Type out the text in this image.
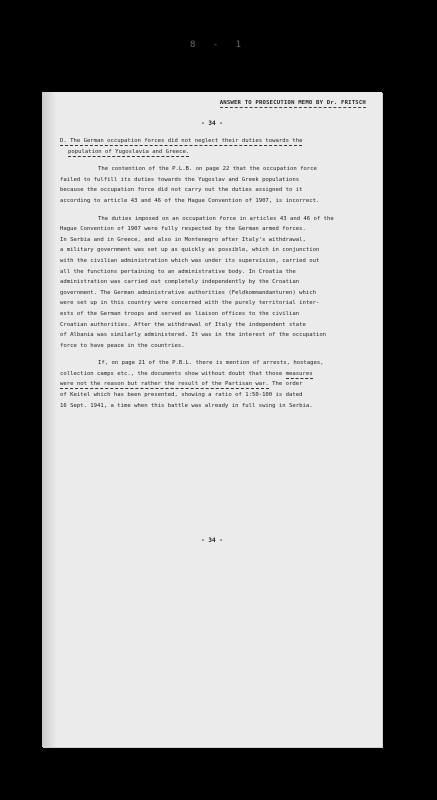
8 - 1
ANSWER TO PROSECUTION MEMO BY Dr. FRITSCH
- 34 -
D. The German occupation forces did not neglect their duties towards the
population of Yugoslavia and Greece.
The contention of the P.L.B. on page 22 that the occupation force
failed to fulfill its duties towards the Yugoslav and Greek populations
because the occupation force did not carry out the duties assigned to it
according to article 43 and 46 of the Hague Convention of 1907, is incorrect.
The duties imposed on an occupation force in articles 43 and 46 of the
Hague Convention of 1907 were fully respected by the German armed forces.
In Serbia and in Greece, and also in Montenegro after Italy's withdrawal,
a military government was set up as quickly as possible, which in conjunction
with the civilian administration which was under its supervision, carried out
all the functions pertaining to an administrative body. In Croatia the
administration was carried out completely independently by the Croatian
government. The German administrative authorities (Feldkommandanturen) which
were set up in this country were concerned with the purely territorial inter-
ests of the German troops and served as liaison offices to the civilian
Croatian authorities. After the withdrawal of Italy the independent state
of Albania was similarly administered. It was in the interest of the occupation
force to have peace in the countries.
If, on page 21 of the P.B.L. there is mention of arrests, hostages,
collection camps etc., the documents show without doubt that those measures
were not the reason but rather the result of the Partisan war. The order
of Keitel which has been presented, showing a ratio of 1:50-100 is dated
16 Sept. 1941, a time when this battle was already in full swing in Serbia.
- 34 -
